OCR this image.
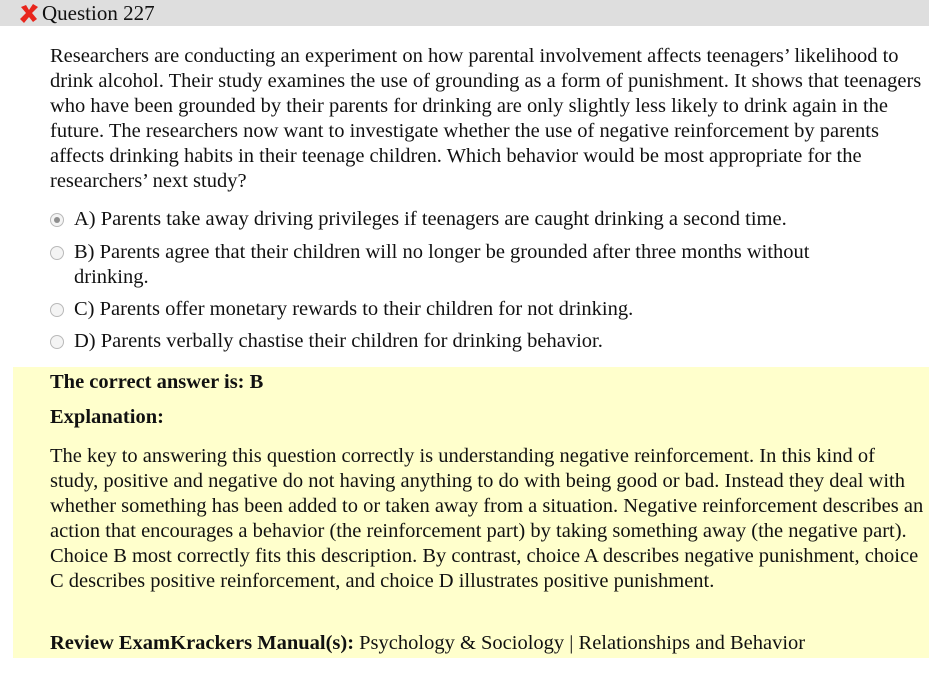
Question 227
Researchers are conducting an experiment on how parental involvement affects teenagers’ likelihood to drink alcohol. Their study examines the use of grounding as a form of punishment. It shows that teenagers who have been grounded by their parents for drinking are only slightly less likely to drink again in the future. The researchers now want to investigate whether the use of negative reinforcement by parents affects drinking habits in their teenage children. Which behavior would be most appropriate for the researchers’ next study?
A) Parents take away driving privileges if teenagers are caught drinking a second time.
B) Parents agree that their children will no longer be grounded after three months without drinking.
C) Parents offer monetary rewards to their children for not drinking.
D) Parents verbally chastise their children for drinking behavior.
The correct answer is: B
Explanation:
The key to answering this question correctly is understanding negative reinforcement. In this kind of study, positive and negative do not having anything to do with being good or bad. Instead they deal with whether something has been added to or taken away from a situation. Negative reinforcement describes an action that encourages a behavior (the reinforcement part) by taking something away (the negative part). Choice B most correctly fits this description. By contrast, choice A describes negative punishment, choice C describes positive reinforcement, and choice D illustrates positive punishment.
Review ExamKrackers Manual(s): Psychology & Sociology | Relationships and Behavior
